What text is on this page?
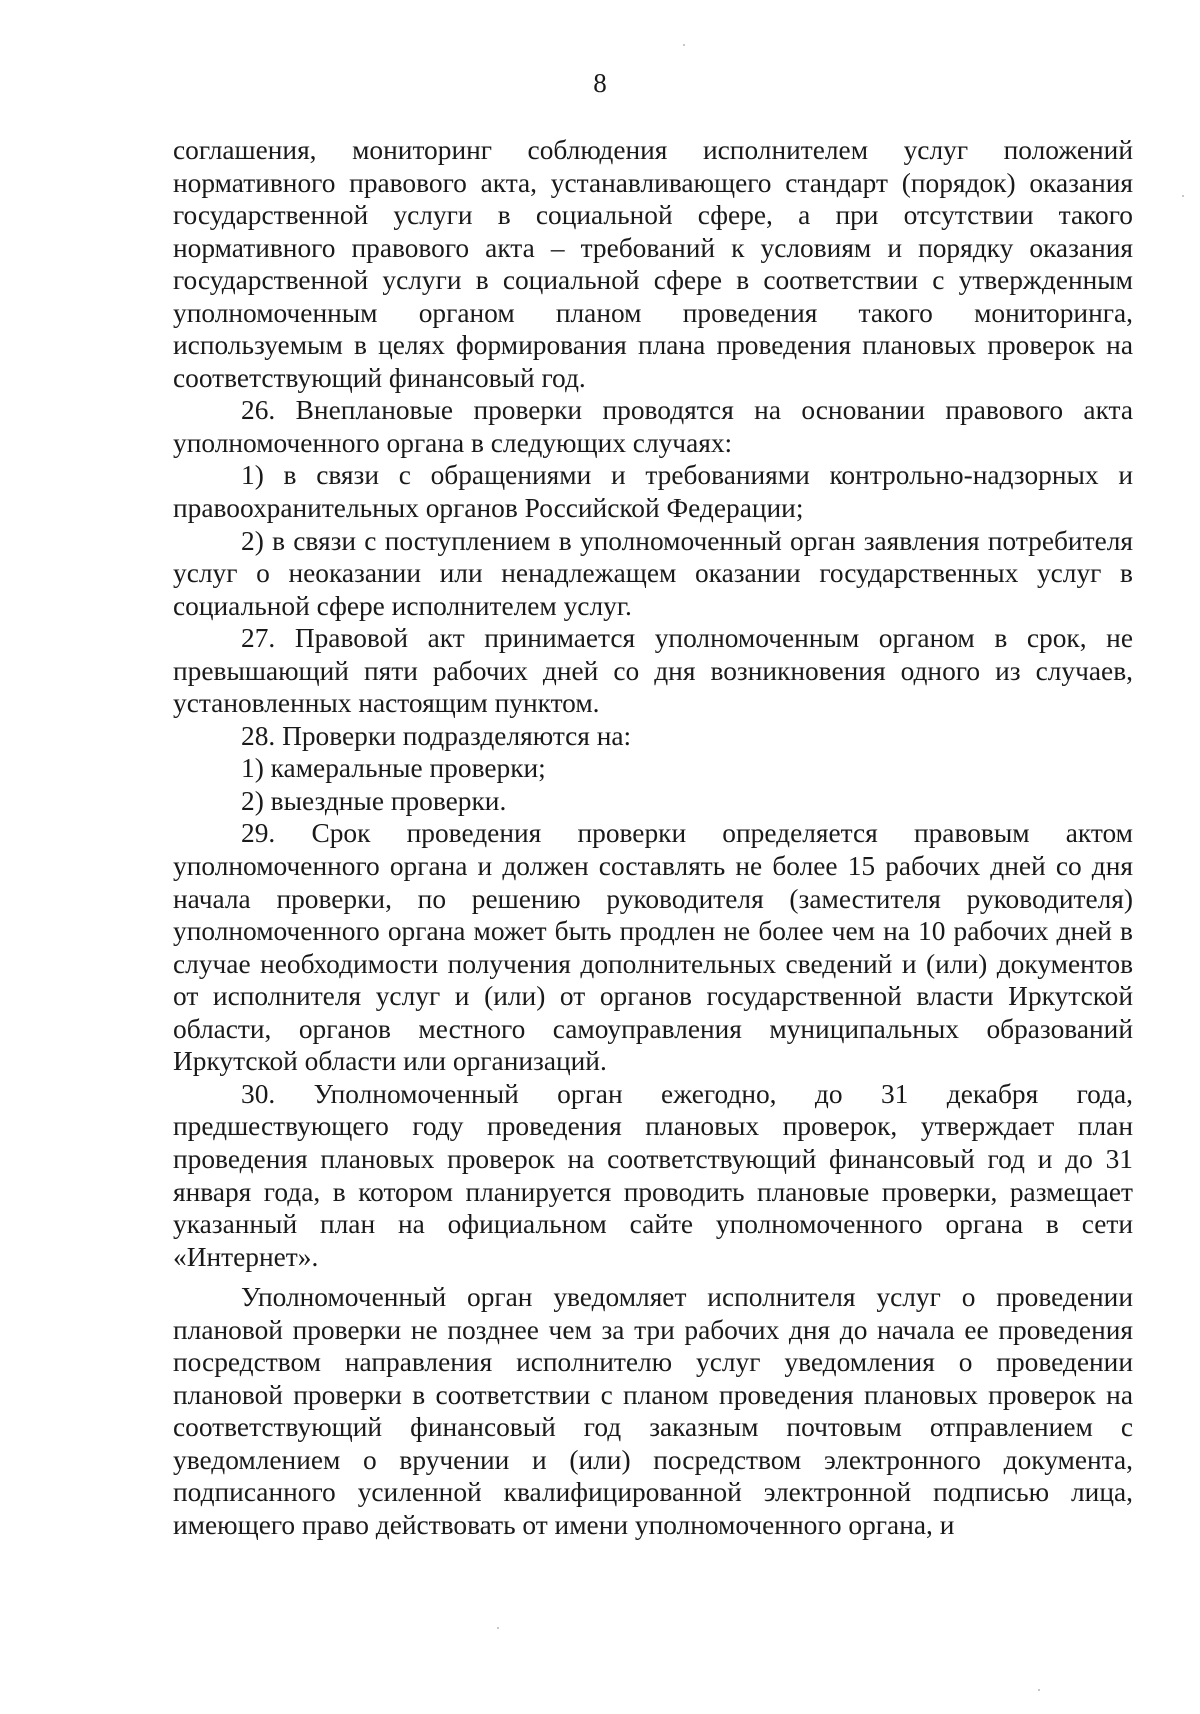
8

соглашения, мониторинг соблюдения исполнителем услуг положений нормативного правового акта, устанавливающего стандарт (порядок) оказания государственной услуги в социальной сфере, а при отсутствии такого нормативного правового акта – требований к условиям и порядку оказания государственной услуги в социальной сфере в соответствии с утвержденным уполномоченным органом планом проведения такого мониторинга, используемым в целях формирования плана проведения плановых проверок на соответствующий финансовый год.

26. Внеплановые проверки проводятся на основании правового акта уполномоченного органа в следующих случаях:

1) в связи с обращениями и требованиями контрольно-надзорных и правоохранительных органов Российской Федерации;

2) в связи с поступлением в уполномоченный орган заявления потребителя услуг о неоказании или ненадлежащем оказании государственных услуг в социальной сфере исполнителем услуг.

27. Правовой акт принимается уполномоченным органом в срок, не превышающий пяти рабочих дней со дня возникновения одного из случаев, установленных настоящим пунктом.

28. Проверки подразделяются на:

1) камеральные проверки;

2) выездные проверки.

29. Срок проведения проверки определяется правовым актом уполномоченного органа и должен составлять не более 15 рабочих дней со дня начала проверки, по решению руководителя (заместителя руководителя) уполномоченного органа может быть продлен не более чем на 10 рабочих дней в случае необходимости получения дополнительных сведений и (или) документов от исполнителя услуг и (или) от органов государственной власти Иркутской области, органов местного самоуправления муниципальных образований Иркутской области или организаций.

30. Уполномоченный орган ежегодно, до 31 декабря года, предшествующего году проведения плановых проверок, утверждает план проведения плановых проверок на соответствующий финансовый год и до 31 января года, в котором планируется проводить плановые проверки, размещает указанный план на официальном сайте уполномоченного органа в сети «Интернет».

Уполномоченный орган уведомляет исполнителя услуг о проведении плановой проверки не позднее чем за три рабочих дня до начала ее проведения посредством направления исполнителю услуг уведомления о проведении плановой проверки в соответствии с планом проведения плановых проверок на соответствующий финансовый год заказным почтовым отправлением с уведомлением о вручении и (или) посредством электронного документа, подписанного усиленной квалифицированной электронной подписью лица, имеющего право действовать от имени уполномоченного органа, и
